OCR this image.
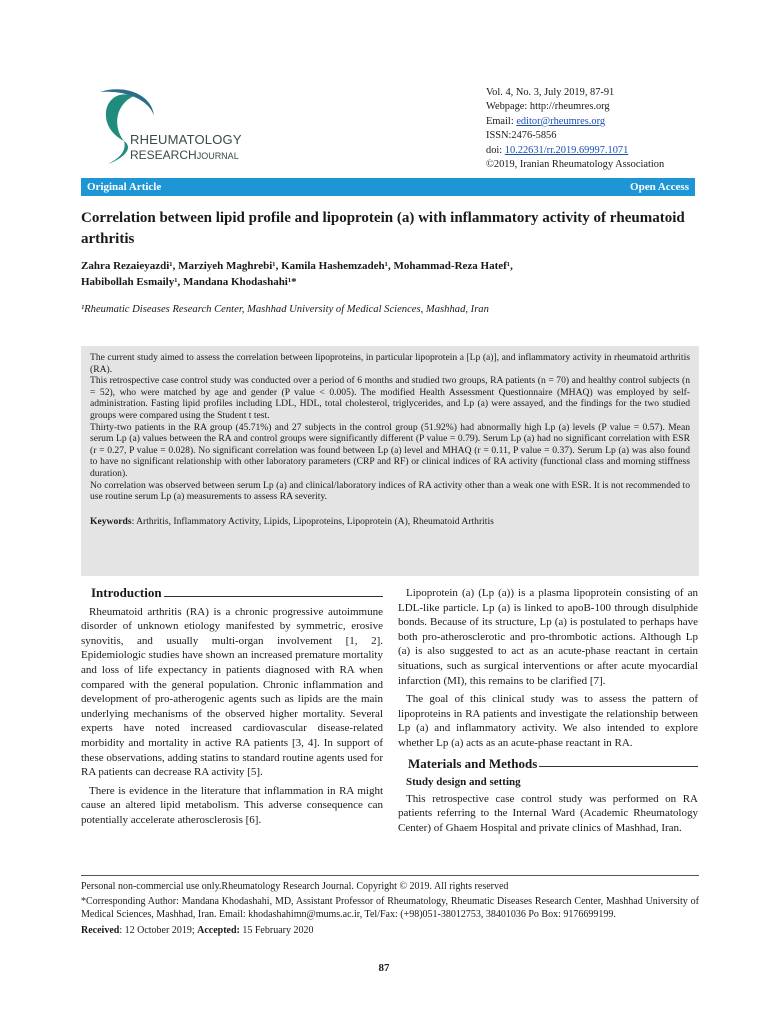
RHEUMATOLOGY
RESEARCHJOURNAL
Vol. 4, No. 3, July 2019, 87-91
Webpage: http://rheumres.org
Email: editor@rheumres.org
ISSN:2476-5856
doi: 10.22631/rr.2019.69997.1071
©2019, Iranian Rheumatology Association
Original Article	Open Access
Correlation between lipid profile and lipoprotein (a) with inflammatory activity of rheumatoid arthritis
Zahra Rezaieyazdi¹, Marziyeh Maghrebi¹, Kamila Hashemzadeh¹, Mohammad-Reza Hatef¹,
Habibollah Esmaily¹, Mandana Khodashahi¹*
¹Rheumatic Diseases Research Center, Mashhad University of Medical Sciences, Mashhad, Iran

The current study aimed to assess the correlation between lipoproteins, in particular lipoprotein a [Lp (a)], and inflammatory activity in rheumatoid arthritis (RA).

This retrospective case control study was conducted over a period of 6 months and studied two groups, RA patients (n = 70) and healthy control subjects (n = 52), who were matched by age and gender (P value < 0.005). The modified Health Assessment Questionnaire (MHAQ) was employed by self-administration. Fasting lipid profiles including LDL, HDL, total cholesterol, triglycerides, and Lp (a) were assayed, and the findings for the two studied groups were compared using the Student t test.

Thirty-two patients in the RA group (45.71%) and 27 subjects in the control group (51.92%) had abnormally high Lp (a) levels (P value = 0.57). Mean serum Lp (a) values between the RA and control groups were significantly different (P value = 0.79). Serum Lp (a) had no significant correlation with ESR (r = 0.27, P value = 0.028). No significant correlation was found between Lp (a) level and MHAQ (r = 0.11, P value = 0.37). Serum Lp (a) was also found to have no significant relationship with other laboratory parameters (CRP and RF) or clinical indices of RA activity (functional class and morning stiffness duration).

No correlation was observed between serum Lp (a) and clinical/laboratory indices of RA activity other than a weak one with ESR. It is not recommended to use routine serum Lp (a) measurements to assess RA severity.

Keywords: Arthritis, Inflammatory Activity, Lipids, Lipoproteins, Lipoprotein (A), Rheumatoid Arthritis

Introduction

Rheumatoid arthritis (RA) is a chronic progressive autoimmune disorder of unknown etiology manifested by symmetric, erosive synovitis, and usually multi-organ involvement [1, 2]. Epidemiologic studies have shown an increased premature mortality and loss of life expectancy in patients diagnosed with RA when compared with the general population. Chronic inflammation and development of pro-atherogenic agents such as lipids are the main underlying mechanisms of the observed higher mortality. Several experts have noted increased cardiovascular disease-related morbidity and mortality in active RA patients [3, 4]. In support of these observations, adding statins to standard routine agents used for RA patients can decrease RA activity [5].

There is evidence in the literature that inflammation in RA might cause an altered lipid metabolism. This adverse consequence can potentially accelerate atherosclerosis [6].

Lipoprotein (a) (Lp (a)) is a plasma lipoprotein consisting of an LDL-like particle. Lp (a) is linked to apoB-100 through disulphide bonds. Because of its structure, Lp (a) is postulated to perhaps have both pro-atherosclerotic and pro-thrombotic actions. Although Lp (a) is also suggested to act as an acute-phase reactant in certain situations, such as surgical interventions or after acute myocardial infarction (MI), this remains to be clarified [7].

The goal of this clinical study was to assess the pattern of lipoproteins in RA patients and investigate the relationship between Lp (a) and inflammatory activity. We also intended to explore whether Lp (a) acts as an acute-phase reactant in RA.

Materials and Methods
Study design and setting

This retrospective case control study was performed on RA patients referring to the Internal Ward (Academic Rheumatology Center) of Ghaem Hospital and private clinics of Mashhad, Iran.

Personal non-commercial use only.Rheumatology Research Journal. Copyright © 2019. All rights reserved

*Corresponding Author: Mandana Khodashahi, MD, Assistant Professor of Rheumatology, Rheumatic Diseases Research Center, Mashhad University of Medical Sciences, Mashhad, Iran. Email: khodashahimn@mums.ac.ir, Tel/Fax: (+98)051-38012753, 38401036 Po Box: 9176699199.

Received: 12 October 2019; Accepted: 15 February 2020

87
